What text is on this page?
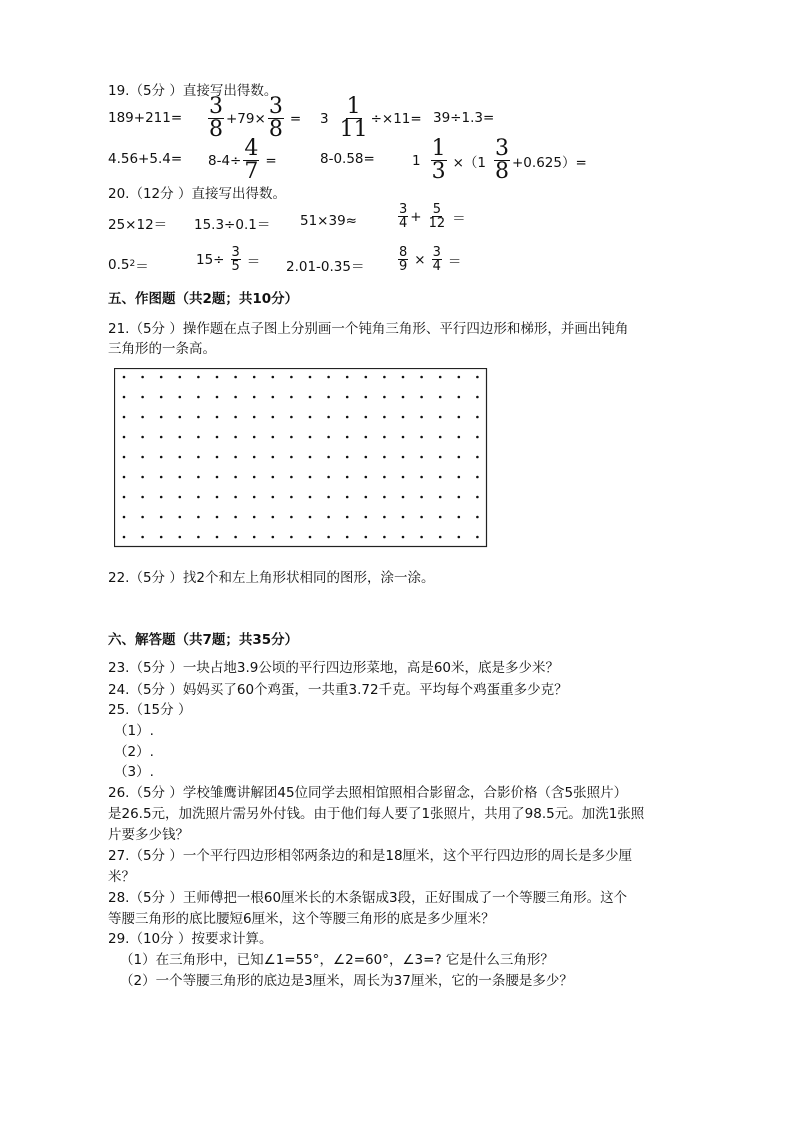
19.（5分 ）直接写出得数。
$189+211= \frac{3}{8} +79\times \frac{3}{8} = 3 \frac{1}{11} \div\times 11= 39\div 1.3=$
$4.56+5.4= 8-4\div \frac{4}{7}$ =	8-0.58=	$1 \frac{1}{3} \times(1 \frac{3}{8} +0.625)=$
20.（12分 ）直接写出得数。
25×12＝ 15.3÷0.1＝ 51×39≈	$\frac{3}{4} + \frac{5}{12}$ ＝
$0.5^2$ ＝	$15\div \frac{3}{5} = 2.01-0.35=$	$\frac{8}{9} \times \frac{3}{4}$ ＝
五、作图题（共2题；共10分）
21.（5分 ）操作题在点子图上分别画一个钝角三角形、平行四边形和梯形，并画出钝角
三角形的一条高。
22.（5分 ）找2个和左上角形状相同的图形，涂一涂。
六、解答题（共7题；共35分）
23.（5分 ）一块占地3.9公顷的平行四边形菜地，高是60米，底是多少米？
24.（5分 ）妈妈买了60个鸡蛋，一共重3.72千克。平均每个鸡蛋重多少克？
25.（15分 ）
（1）.
（2）.
（3）.
26.（5分 ）学校雏鹰讲解团45位同学去照相馆照相合影留念，合影价格（含5张照片）
是26.5元，加洗照片需另外付钱。由于他们每人要了1张照片，共用了98.5元。加洗1张照
片要多少钱？
27.（5分 ）一个平行四边形相邻两条边的和是18厘米，这个平行四边形的周长是多少厘
米？
28.（5分 ）王师傅把一根60厘米长的木条锯成3段，正好围成了一个等腰三角形。这个
等腰三角形的底比腰短6厘米，这个等腰三角形的底是多少厘米？
29.（10分 ）按要求计算。
（1）在三角形中，已知∠1=55°，∠2=60°，∠3=? 它是什么三角形？
（2）一个等腰三角形的底边是3厘米，周长为37厘米，它的一条腰是多少？
